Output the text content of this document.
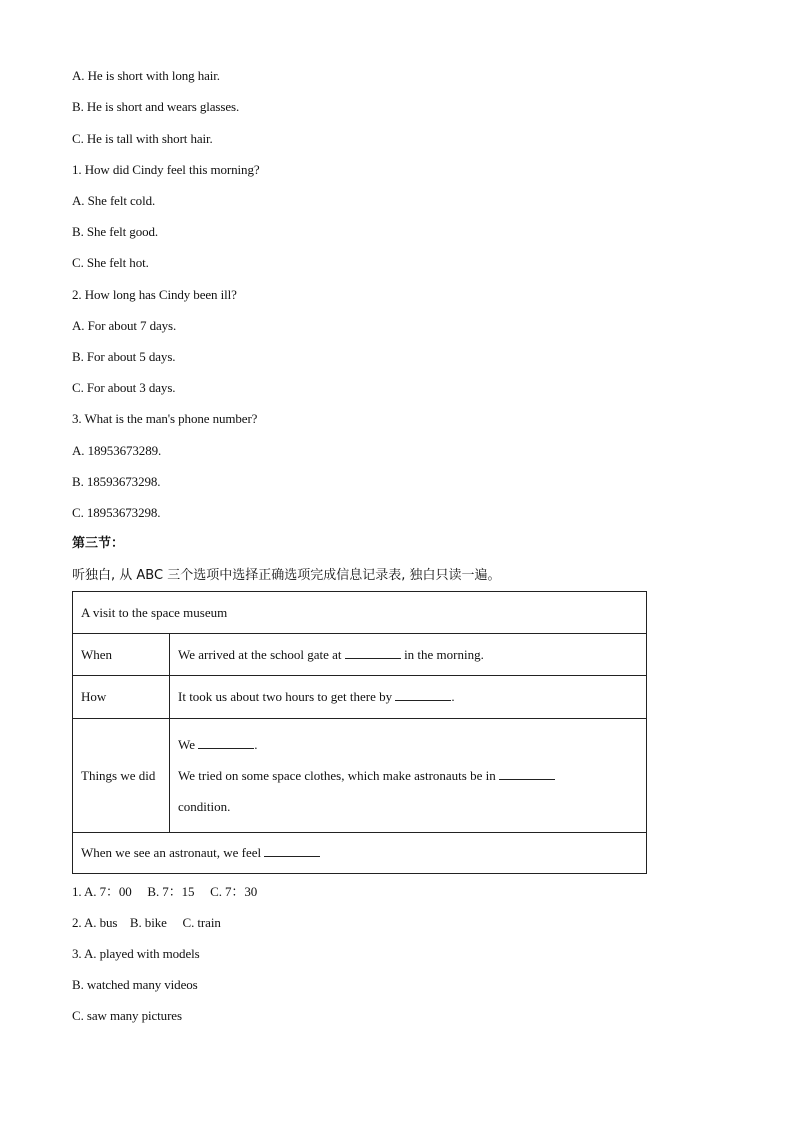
A. He is short with long hair.
B. He is short and wears glasses.
C. He is tall with short hair.
1. How did Cindy feel this morning?
A. She felt cold.
B. She felt good.
C. She felt hot.
2. How long has Cindy been ill?
A. For about 7 days.
B. For about 5 days.
C. For about 3 days.
3. What is the man's phone number?
A. 18953673289.
B. 18593673298.
C. 18953673298.
第三节：
听独白, 从 ABC 三个选项中选择正确选项完成信息记录表, 独白只读一遍。
A visit to the space museum	
When	We arrived at the school gate at in the morning.
How	It took us about two hours to get there by .
Things we did	We .
We tried on some space clothes, which make astronauts be in
condition.

When we see an astronaut, we feel	
1. A. 7：00     B. 7：15     C. 7：30
2. A. bus    B. bike     C. train
3. A. played with models
B. watched many videos
C. saw many pictures
